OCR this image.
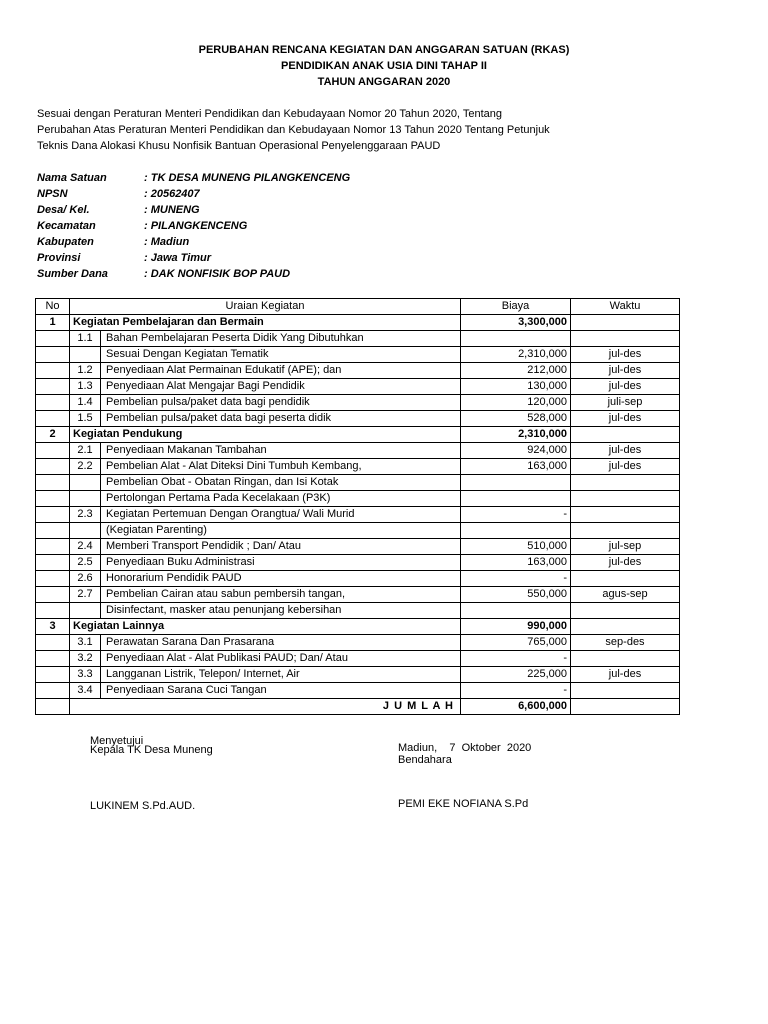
PERUBAHAN RENCANA KEGIATAN DAN ANGGARAN SATUAN (RKAS)
PENDIDIKAN ANAK USIA DINI TAHAP II
TAHUN ANGGARAN 2020
Sesuai dengan Peraturan Menteri Pendidikan dan Kebudayaan Nomor 20 Tahun 2020, Tentang
Perubahan Atas Peraturan Menteri Pendidikan dan Kebudayaan Nomor 13 Tahun 2020 Tentang Petunjuk
Teknis Dana Alokasi Khusu Nonfisik Bantuan Operasional Penyelenggaraan PAUD
Nama Satuan	: TK DESA MUNENG PILANGKENCENG
NPSN	: 20562407
Desa/ Kel.	: MUNENG
Kecamatan	: PILANGKENCENG
Kabupaten	: Madiun
Provinsi	: Jawa Timur
Sumber Dana	: DAK NONFISIK BOP PAUD
No	Uraian Kegiatan	Biaya	Waktu
1	Kegiatan Pembelajaran dan Bermain	3,300,000	
	1.1 Bahan Pembelajaran Peserta Didik Yang Dibutuhkan		
	Sesuai Dengan Kegiatan Tematik	2,310,000	jul-des
	1.2 Penyediaan Alat Permainan Edukatif (APE); dan	212,000	jul-des
	1.3 Penyediaan Alat Mengajar Bagi Pendidik	130,000	jul-des
	1.4 Pembelian pulsa/paket data bagi pendidik	120,000	juli-sep
	1.5 Pembelian pulsa/paket data bagi peserta didik	528,000	jul-des
2	Kegiatan Pendukung	2,310,000	
	2.1 Penyediaan Makanan Tambahan	924,000	jul-des
	2.2 Pembelian Alat - Alat Diteksi Dini Tumbuh Kembang,	163,000	jul-des
	Pembelian Obat - Obatan Ringan, dan Isi Kotak		
	Pertolongan Pertama Pada Kecelakaan (P3K)		
	2.3 Kegiatan Pertemuan Dengan Orangtua/ Wali Murid	-	
	(Kegiatan Parenting)		
	2.4 Memberi Transport Pendidik ; Dan/ Atau	510,000	jul-sep
	2.5 Penyediaan Buku Administrasi	163,000	jul-des
	2.6 Honorarium Pendidik PAUD	-	
	2.7 Pembelian Cairan atau sabun pembersih tangan,	550,000	agus-sep
	Disinfectant, masker atau penunjang kebersihan		
3	Kegiatan Lainnya	990,000	
	3.1 Perawatan Sarana Dan Prasarana	765,000	sep-des
	3.2 Penyediaan Alat - Alat Publikasi PAUD; Dan/ Atau	-	
	3.3 Langganan Listrik, Telepon/ Internet, Air	225,000	jul-des
	3.4 Penyediaan Sarana Cuci Tangan	-	
	J U M L A H	6,600,000	
Menyetujui
Kepala TK Desa Muneng
LUKINEM S.Pd.AUD.
Madiun,    7  Oktober  2020
Bendahara
PEMI EKE NOFIANA S.Pd
